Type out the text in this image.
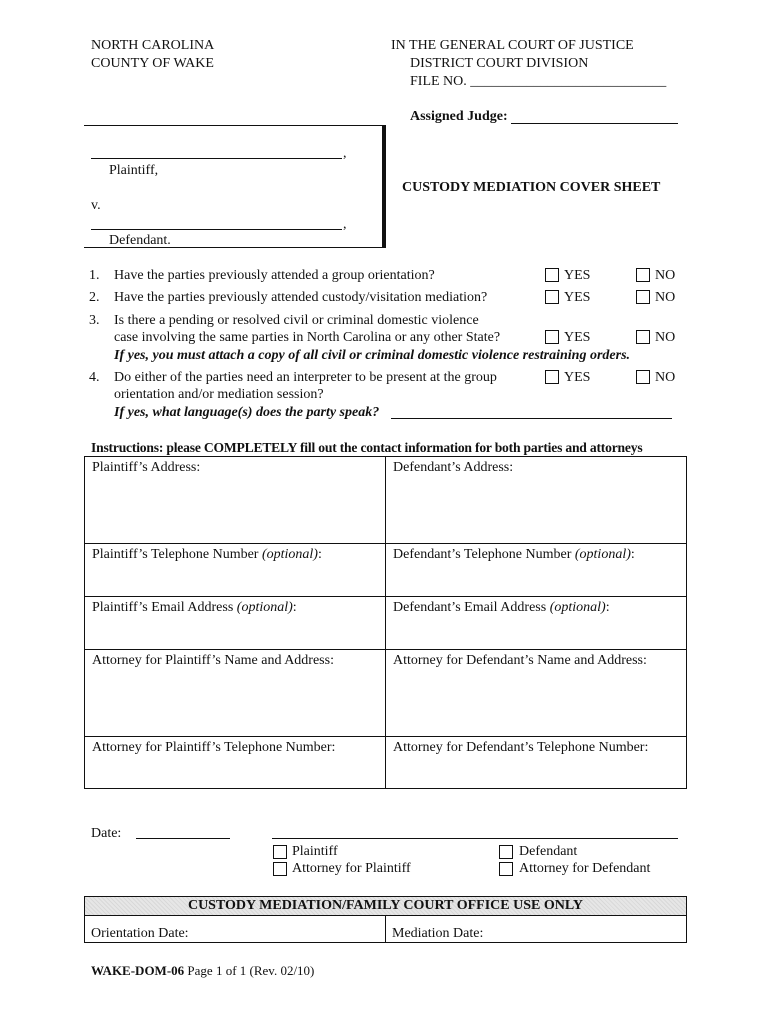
NORTH CAROLINA
COUNTY OF WAKE
IN THE GENERAL COURT OF JUSTICE
DISTRICT COURT DIVISION
FILE NO. ____________________________
Assigned Judge:
,
Plaintiff,
v.
,
Defendant.
CUSTODY MEDIATION COVER SHEET
1. Have the parties previously attended a group orientation?	YES	NO
2. Have the parties previously attended custody/visitation mediation?	YES	NO
3. Is there a pending or resolved civil or criminal domestic violence
case involving the same parties in North Carolina or any other State?	YES	NO
If yes, you must attach a copy of all civil or criminal domestic violence restraining orders.
4. Do either of the parties need an interpreter to be present at the group
orientation and/or mediation session?
YES	NO
If yes, what language(s) does the party speak?
Instructions: please COMPLETELY fill out the contact information for both parties and attorneys
Plaintiff’s Address:	Defendant’s Address:
Plaintiff’s Telephone Number (optional):	Defendant’s Telephone Number (optional):
Plaintiff’s Email Address (optional):	Defendant’s Email Address (optional):
Attorney for Plaintiff’s Name and Address:	Attorney for Defendant’s Name and Address:
Attorney for Plaintiff’s Telephone Number:	Attorney for Defendant’s Telephone Number:
Date:
Plaintiff
Attorney for Plaintiff
Defendant
Attorney for Defendant
CUSTODY MEDIATION/FAMILY COURT OFFICE USE ONLY
Orientation Date:	Mediation Date:
WAKE-DOM-06 Page 1 of 1 (Rev. 02/10)
